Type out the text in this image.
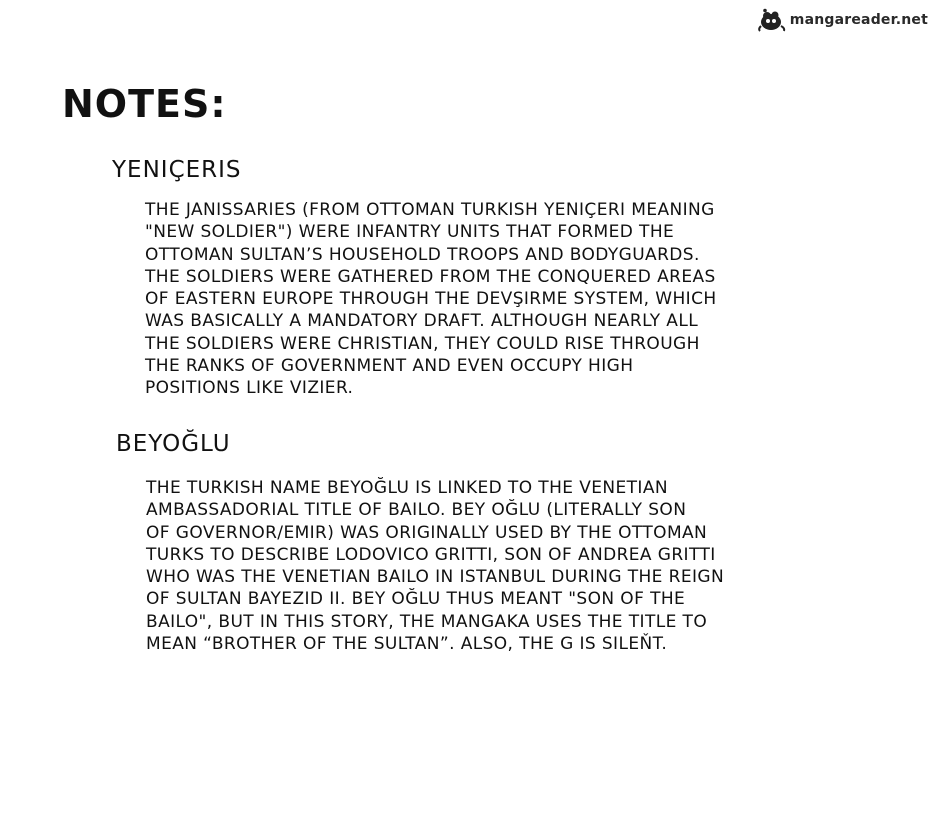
mangareader.net
NOTES:
YENIÇERIS
THE JANISSARIES (FROM OTTOMAN TURKISH YENIÇERI MEANING
"NEW SOLDIER") WERE INFANTRY UNITS THAT FORMED THE
OTTOMAN SULTAN’S HOUSEHOLD TROOPS AND BODYGUARDS.
THE SOLDIERS WERE GATHERED FROM THE CONQUERED AREAS
OF EASTERN EUROPE THROUGH THE DEVŞIRME SYSTEM, WHICH
WAS BASICALLY A MANDATORY DRAFT. ALTHOUGH NEARLY ALL
THE SOLDIERS WERE CHRISTIAN, THEY COULD RISE THROUGH
THE RANKS OF GOVERNMENT AND EVEN OCCUPY HIGH
POSITIONS LIKE VIZIER.
BEYOĞLU
THE TURKISH NAME BEYOĞLU IS LINKED TO THE VENETIAN
AMBASSADORIAL TITLE OF BAILO. BEY OĞLU (LITERALLY SON
OF GOVERNOR/EMIR) WAS ORIGINALLY USED BY THE OTTOMAN
TURKS TO DESCRIBE LODOVICO GRITTI, SON OF ANDREA GRITTI
WHO WAS THE VENETIAN BAILO IN ISTANBUL DURING THE REIGN
OF SULTAN BAYEZID II. BEY OĞLU THUS MEANT "SON OF THE
BAILO", BUT IN THIS STORY, THE MANGAKA USES THE TITLE TO
MEAN “BROTHER OF THE SULTAN”. ALSO, THE G IS SILEŇT.
